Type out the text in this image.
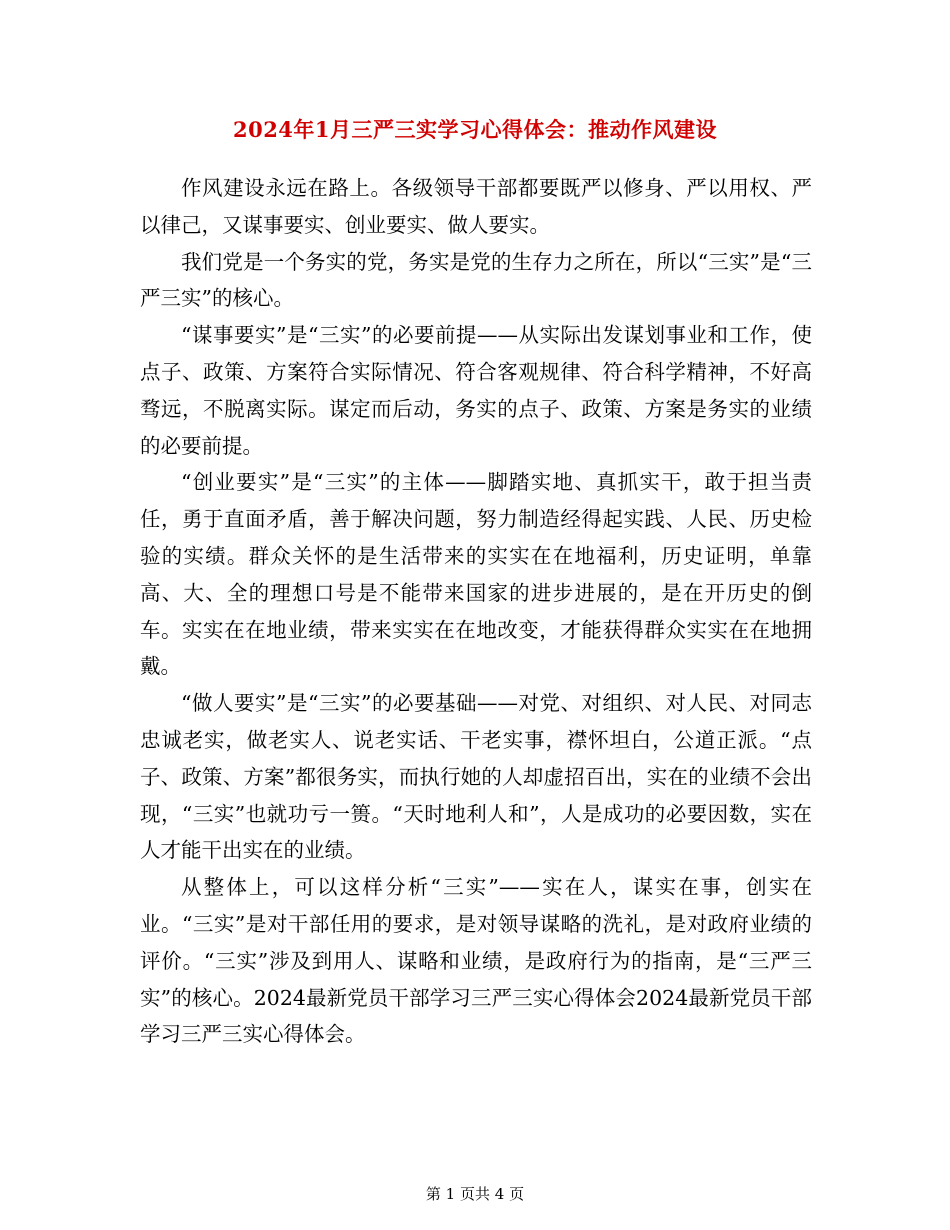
2024年1月三严三实学习心得体会：推动作风建设

作风建设永远在路上。各级领导干部都要既严以修身、严以用权、严以律己，又谋事要实、创业要实、做人要实。

我们党是一个务实的党，务实是党的生存力之所在，所以“三实”是“三严三实”的核心。

“谋事要实”是“三实”的必要前提——从实际出发谋划事业和工作，使点子、政策、方案符合实际情况、符合客观规律、符合科学精神，不好高骛远，不脱离实际。谋定而后动，务实的点子、政策、方案是务实的业绩的必要前提。

“创业要实”是“三实”的主体——脚踏实地、真抓实干，敢于担当责任，勇于直面矛盾，善于解决问题，努力制造经得起实践、人民、历史检验的实绩。群众关怀的是生活带来的实实在在地福利，历史证明，单靠高、大、全的理想口号是不能带来国家的进步进展的，是在开历史的倒车。实实在在地业绩，带来实实在在地改变，才能获得群众实实在在地拥戴。

“做人要实”是“三实”的必要基础——对党、对组织、对人民、对同志忠诚老实，做老实人、说老实话、干老实事，襟怀坦白，公道正派。“点子、政策、方案”都很务实，而执行她的人却虚招百出，实在的业绩不会出现，“三实”也就功亏一篑。“天时地利人和”，人是成功的必要因数，实在人才能干出实在的业绩。

从整体上，可以这样分析“三实”——实在人，谋实在事，创实在业。“三实”是对干部任用的要求，是对领导谋略的洗礼，是对政府业绩的评价。“三实”涉及到用人、谋略和业绩，是政府行为的指南，是“三严三实”的核心。2024最新党员干部学习三严三实心得体会2024最新党员干部学习三严三实心得体会。

第 1 页共 4 页
